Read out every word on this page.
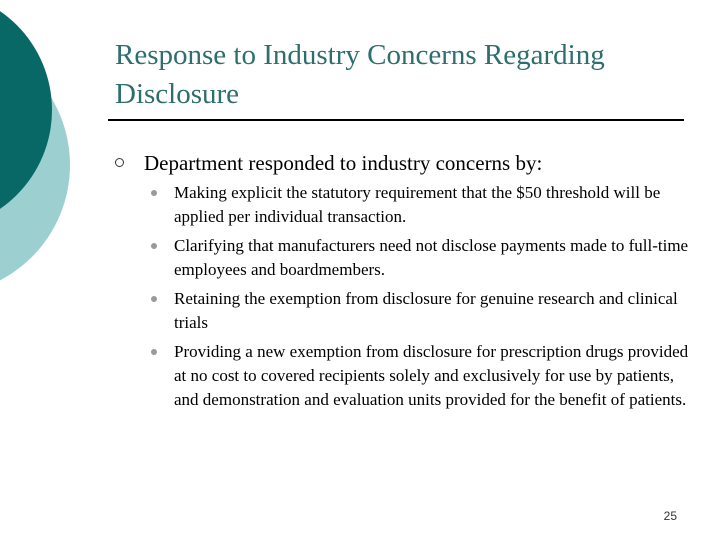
Response to Industry Concerns Regarding Disclosure
Department responded to industry concerns by:
Making explicit the statutory requirement that the $50 threshold will be applied per individual transaction.
Clarifying that manufacturers need not disclose payments made to full-time employees and boardmembers.
Retaining the exemption from disclosure for genuine research and clinical trials
Providing a new exemption from disclosure for prescription drugs provided at no cost to covered recipients solely and exclusively for use by patients, and demonstration and evaluation units provided for the benefit of patients.
25
